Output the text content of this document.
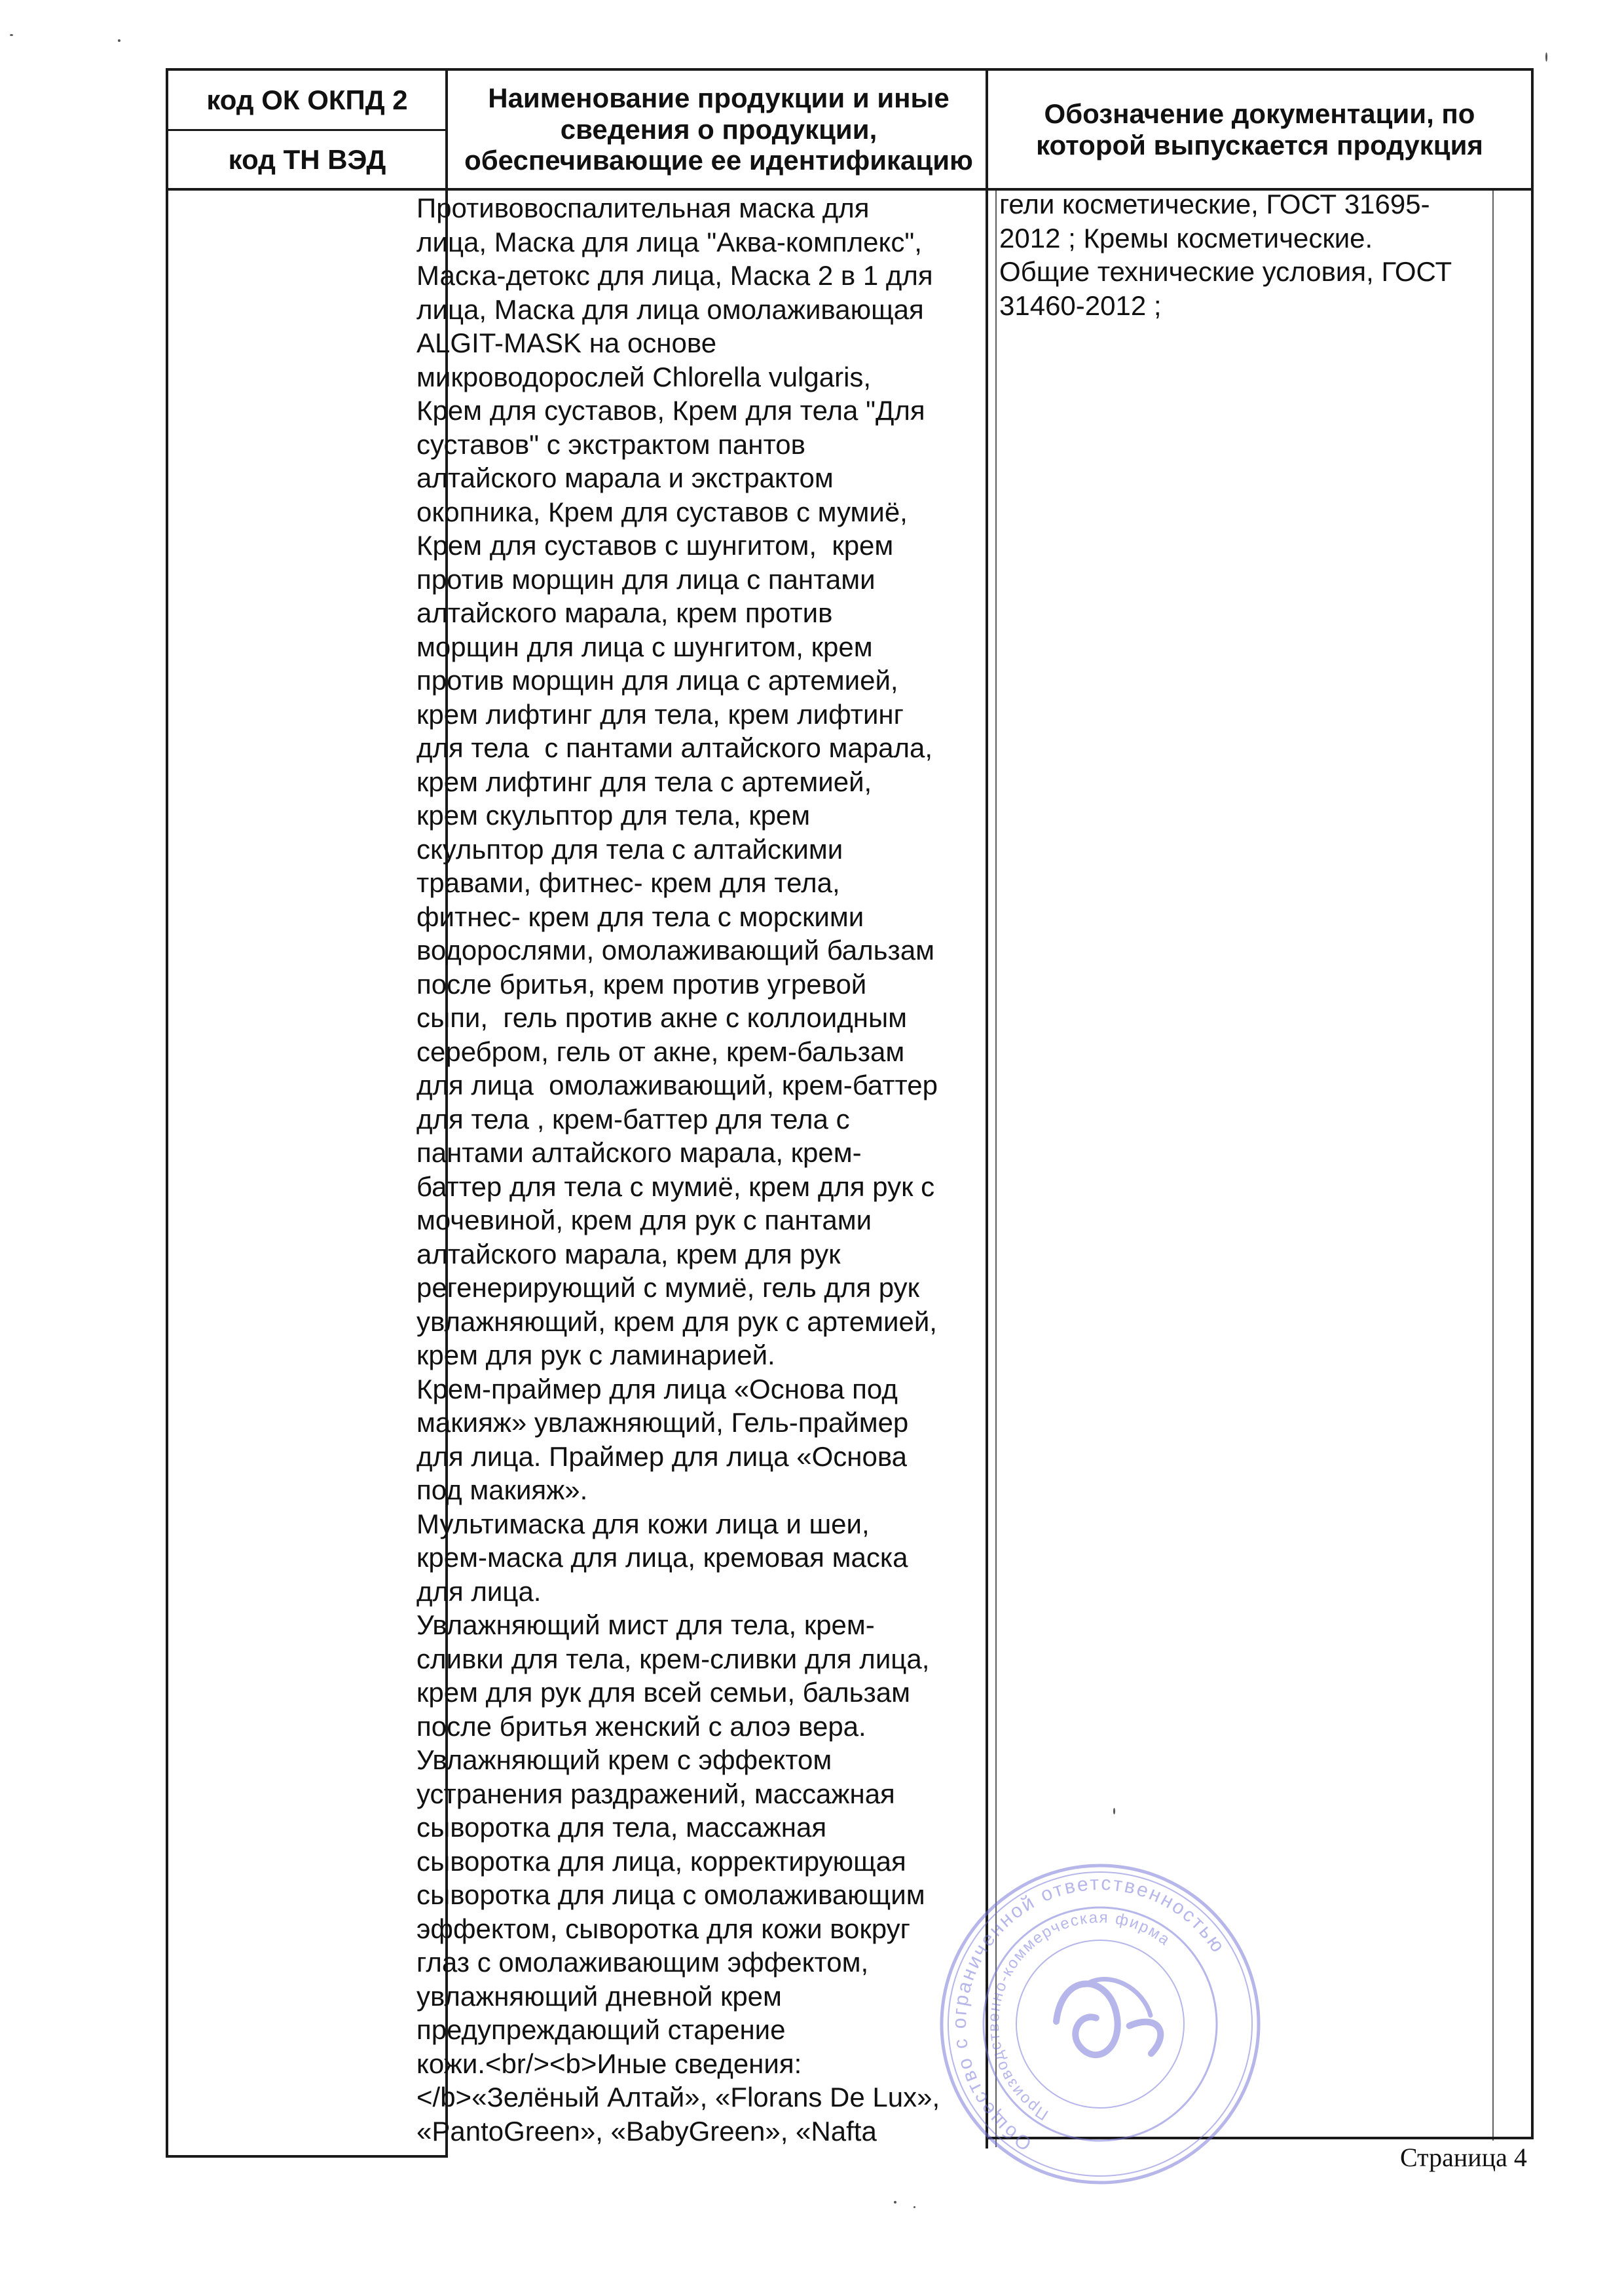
код ОК ОКПД 2
код ТН ВЭД
Наименование продукции и иные сведения о продукции, обеспечивающие ее идентификацию
Обозначение документации, по которой выпускается продукция
Противовоспалительная маска для
лица, Маска для лица "Аква-комплекс",
Маска-детокс для лица, Маска 2 в 1 для
лица, Маска для лица омолаживающая
ALGIT-MASK на основе
микроводорослей Chlorella vulgaris,
Крем для суставов, Крем для тела "Для
суставов" с экстрактом пантов
алтайского марала и экстрактом
окопника, Крем для суставов с мумиё,
Крем для суставов с шунгитом,  крем
против морщин для лица с пантами
алтайского марала, крем против
морщин для лица с шунгитом, крем
против морщин для лица с артемией,
крем лифтинг для тела, крем лифтинг
для тела  с пантами алтайского марала,
крем лифтинг для тела с артемией,
крем скульптор для тела, крем
скульптор для тела с алтайскими
травами, фитнес- крем для тела,
фитнес- крем для тела с морскими
водорослями, омолаживающий бальзам
после бритья, крем против угревой
сыпи,  гель против акне с коллоидным
серебром, гель от акне, крем-бальзам
для лица  омолаживающий, крем-баттер
для тела , крем-баттер для тела с
пантами алтайского марала, крем-
баттер для тела с мумиё, крем для рук с
мочевиной, крем для рук с пантами
алтайского марала, крем для рук
регенерирующий с мумиё, гель для рук
увлажняющий, крем для рук с артемией,
крем для рук с ламинарией.
Крем-праймер для лица «Основа под
макияж» увлажняющий, Гель-праймер
для лица. Праймер для лица «Основа
под макияж».
Мультимаска для кожи лица и шеи,
крем-маска для лица, кремовая маска
для лица.
Увлажняющий мист для тела, крем-
сливки для тела, крем-сливки для лица,
крем для рук для всей семьи, бальзам
после бритья женский с алоэ вера.
Увлажняющий крем с эффектом
устранения раздражений, массажная
сыворотка для тела, массажная
сыворотка для лица, корректирующая
сыворотка для лица с омолаживающим
эффектом, сыворотка для кожи вокруг
глаз с омолаживающим эффектом,
увлажняющий дневной крем
предупреждающий старение
кожи.<br/><b>Иные сведения:
</b>«Зелёный Алтай», «Florans De Lux»,
«PantoGreen», «BabyGreen», «Nafta
гели косметические, ГОСТ 31695-
2012 ; Кремы косметические.
Общие технические условия, ГОСТ
31460-2012 ;
Страница 4
Общество с ограниченной ответственностью
Производственно-коммерческая фирма
